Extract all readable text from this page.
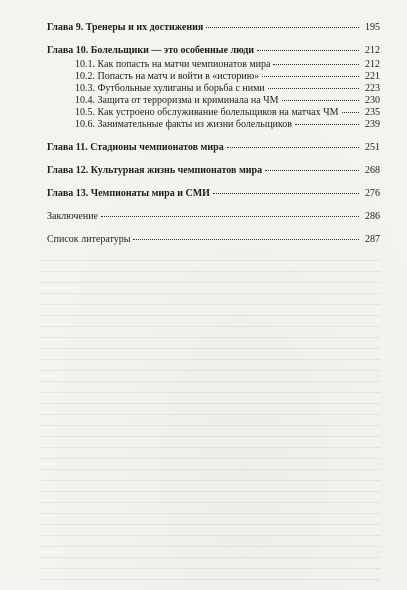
Глава 9. Тренеры и их достижения	195
Глава 10. Болельщики — это особенные люди	212
10.1. Как попасть на матчи чемпионатов мира	212
10.2. Попасть на матч и войти в «историю»	221
10.3. Футбольные хулиганы и борьба с ними	223
10.4. Защита от терроризма и криминала на ЧМ	230
10.5. Как устроено обслуживание болельщиков на матчах ЧМ	235
10.6. Занимательные факты из жизни болельщиков	239
Глава 11. Стадионы чемпионатов мира	251
Глава 12. Культурная жизнь чемпионатов мира	268
Глава 13. Чемпионаты мира и СМИ	276
Заключение	286
Список литературы	287
